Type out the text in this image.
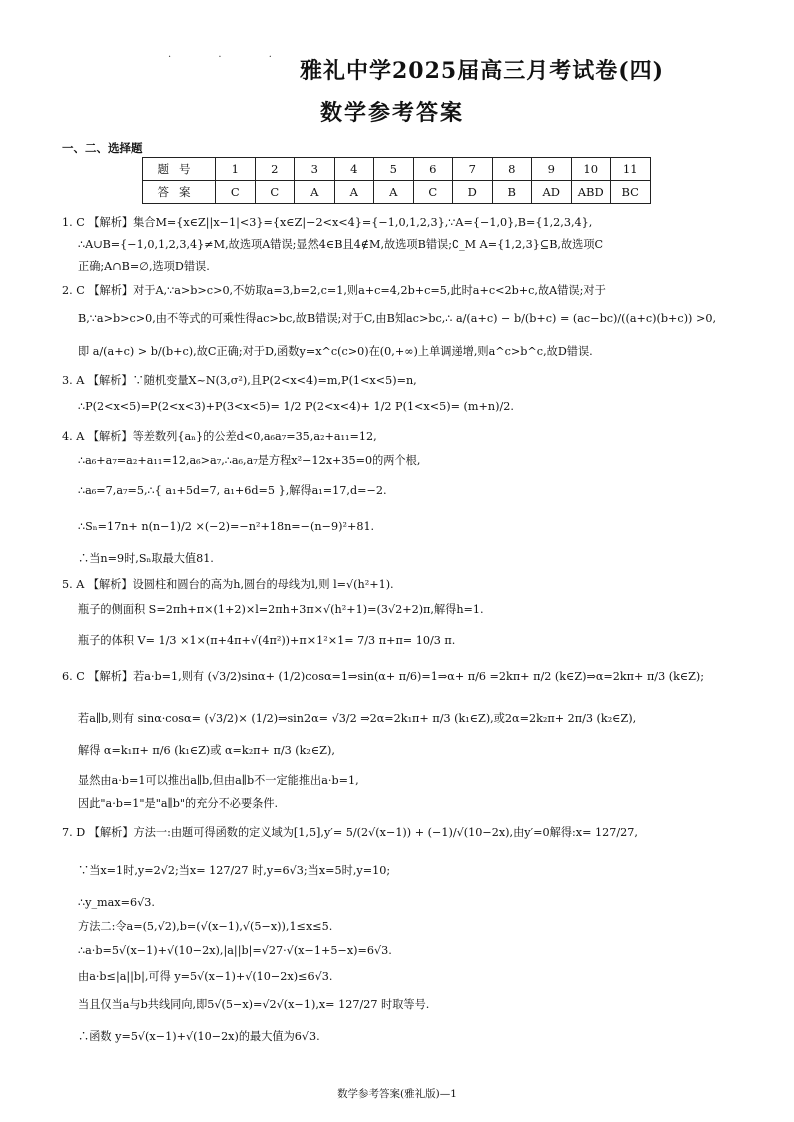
· · ·
雅礼中学2025届高三月考试卷(四)
数学参考答案
一、二、选择题
题号	1	2	3	4	5	6	7	8	9	10	11
答案	C	C	A	A	A	C	D	B	AD	ABD	BC
1. C 【解析】集合M={x∈Z||x−1|<3}={x∈Z|−2<x<4}={−1,0,1,2,3},∵A={−1,0},B={1,2,3,4},
∴A∪B={−1,0,1,2,3,4}≠M,故选项A错误;显然4∈B且4∉M,故选项B错误;∁_M A={1,2,3}⊆B,故选项C
正确;A∩B=∅,选项D错误.
2. C 【解析】对于A,∵a>b>c>0,不妨取a=3,b=2,c=1,则a+c=4,2b+c=5,此时a+c<2b+c,故A错误;对于
B,∵a>b>c>0,由不等式的可乘性得ac>bc,故B错误;对于C,由B知ac>bc,∴ a/(a+c) − b/(b+c) = (ac−bc)/((a+c)(b+c)) >0,
即 a/(a+c) > b/(b+c),故C正确;对于D,函数y=x^c(c>0)在(0,+∞)上单调递增,则a^c>b^c,故D错误.
3. A 【解析】∵随机变量X~N(3,σ²),且P(2<x<4)=m,P(1<x<5)=n,
∴P(2<x<5)=P(2<x<3)+P(3<x<5)= 1/2 P(2<x<4)+ 1/2 P(1<x<5)= (m+n)/2.
4. A 【解析】等差数列{aₙ}的公差d<0,a₆a₇=35,a₂+a₁₁=12,
∴a₆+a₇=a₂+a₁₁=12,a₆>a₇,∴a₆,a₇是方程x²−12x+35=0的两个根,
∴a₆=7,a₇=5,∴{ a₁+5d=7, a₁+6d=5 },解得a₁=17,d=−2.
∴Sₙ=17n+ n(n−1)/2 ×(−2)=−n²+18n=−(n−9)²+81.
∴当n=9时,Sₙ取最大值81.
5. A 【解析】设圆柱和圆台的高为h,圆台的母线为l,则 l=√(h²+1).
瓶子的侧面积 S=2πh+π×(1+2)×l=2πh+3π×√(h²+1)=(3√2+2)π,解得h=1.
瓶子的体积 V= 1/3 ×1×(π+4π+√(4π²))+π×1²×1= 7/3 π+π= 10/3 π.
6. C 【解析】若a·b=1,则有 (√3/2)sinα+ (1/2)cosα=1⇒sin(α+ π/6)=1⇒α+ π/6 =2kπ+ π/2 (k∈Z)⇒α=2kπ+ π/3 (k∈Z);
若a∥b,则有 sinα·cosα= (√3/2)× (1/2)⇒sin2α= √3/2 ⇒2α=2k₁π+ π/3 (k₁∈Z),或2α=2k₂π+ 2π/3 (k₂∈Z),
解得 α=k₁π+ π/6 (k₁∈Z)或 α=k₂π+ π/3 (k₂∈Z),
显然由a·b=1可以推出a∥b,但由a∥b不一定能推出a·b=1,
因此"a·b=1"是"a∥b"的充分不必要条件.
7. D 【解析】方法一:由题可得函数的定义域为[1,5],y′= 5/(2√(x−1)) + (−1)/√(10−2x),由y′=0解得:x= 127/27,
∵当x=1时,y=2√2;当x= 127/27 时,y=6√3;当x=5时,y=10;
∴y_max=6√3.
方法二:令a=(5,√2),b=(√(x−1),√(5−x)),1≤x≤5.
∴a·b=5√(x−1)+√(10−2x),|a||b|=√27·√(x−1+5−x)=6√3.
由a·b≤|a||b|,可得 y=5√(x−1)+√(10−2x)≤6√3.
当且仅当a与b共线同向,即5√(5−x)=√2√(x−1),x= 127/27 时取等号.
∴函数 y=5√(x−1)+√(10−2x)的最大值为6√3.
数学参考答案(雅礼版)—1
